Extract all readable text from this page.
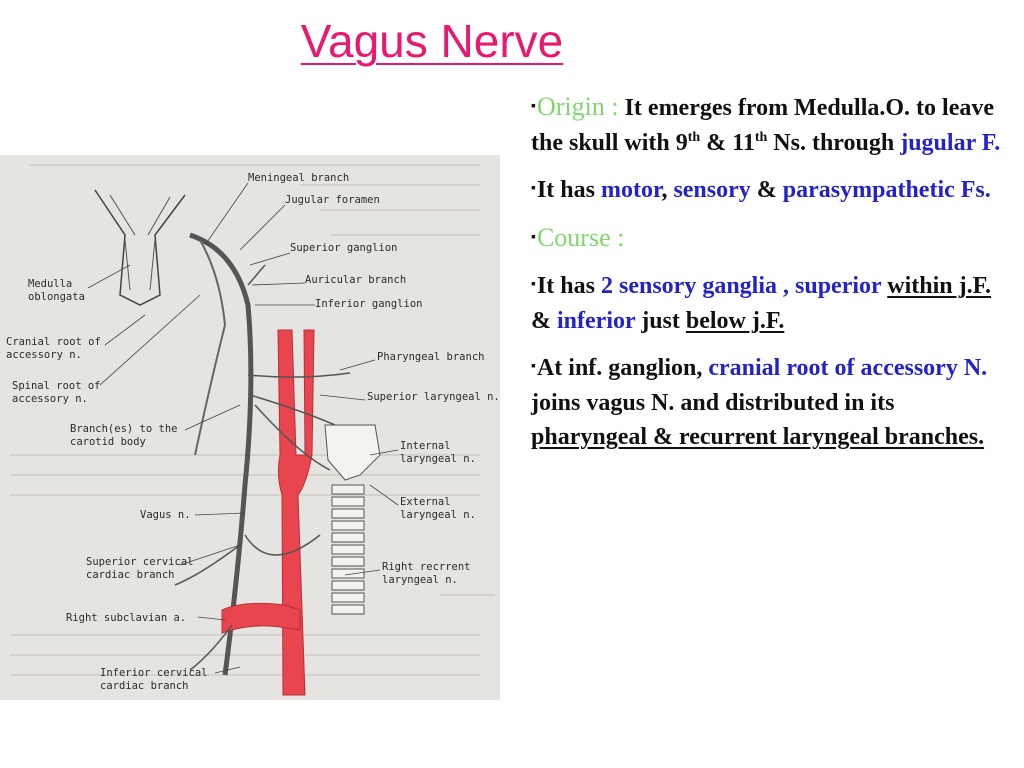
Vagus Nerve
Meningeal branch
Jugular foramen
Superior ganglion
Auricular branch
Inferior ganglion
Medulla
oblongata
Cranial root of
accessory n.
Spinal root of
accessory n.
Branch(es) to the
carotid body
Pharyngeal branch
Superior laryngeal n.
Internal
laryngeal n.
External
laryngeal n.
Vagus n.
Superior cervical
cardiac branch
Right recrrent
laryngeal n.
Right subclavian a.
Inferior cervical
cardiac branch

▪Origin : It emerges from Medulla.O. to leave the skull with 9th & 11th Ns. through jugular F.

▪It has motor, sensory & parasympathetic Fs.

▪Course :

▪It has 2 sensory ganglia , superior within j.F. & inferior just below j.F.

▪At inf. ganglion, cranial root of accessory N. joins vagus N. and distributed in its pharyngeal & recurrent laryngeal branches.
